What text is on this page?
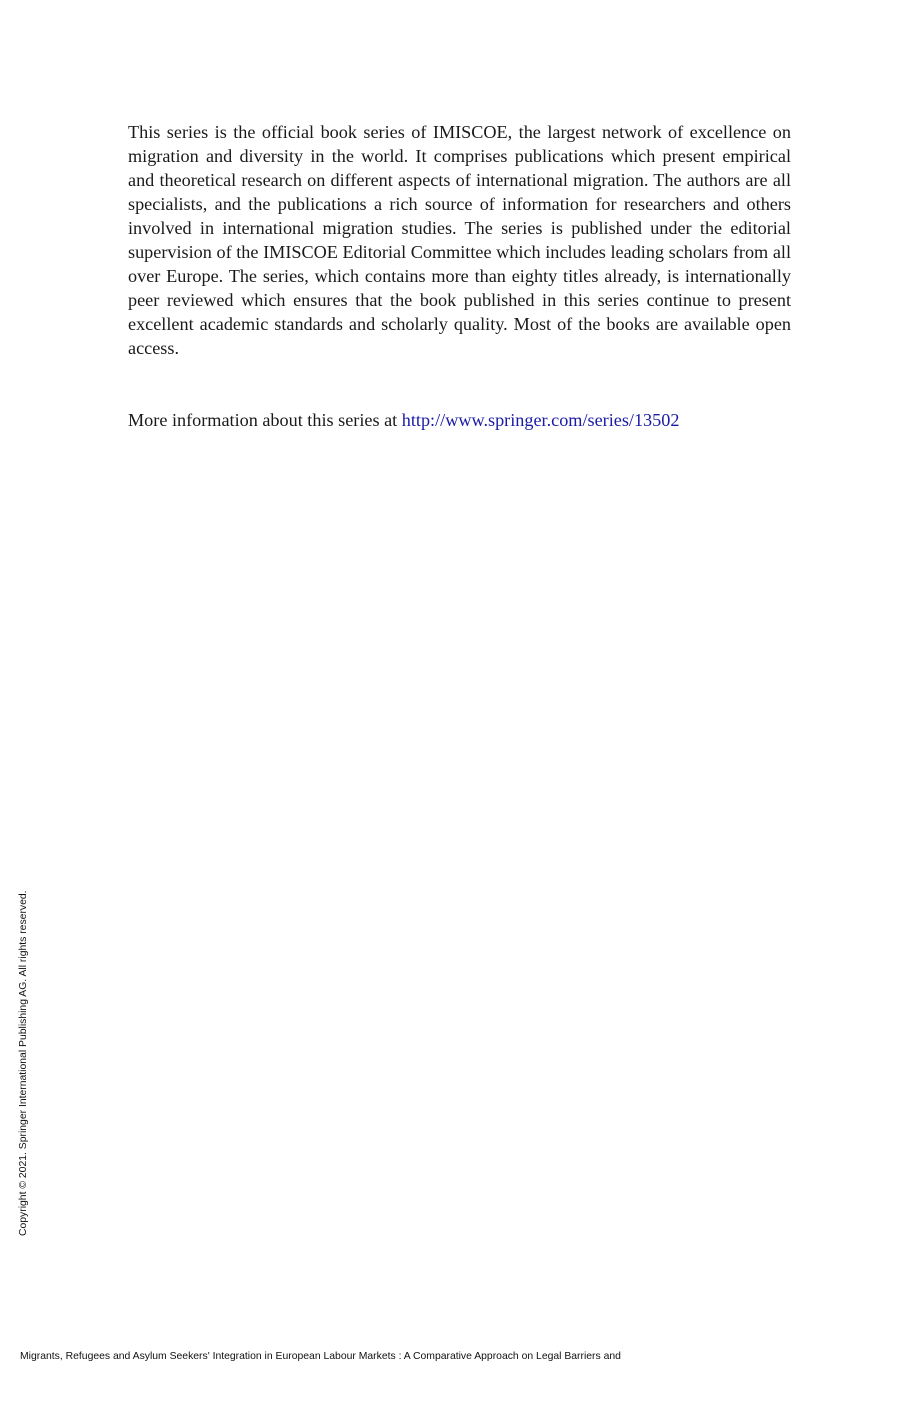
This series is the official book series of IMISCOE, the largest network of excellence on migration and diversity in the world. It comprises publications which present empirical and theoretical research on different aspects of international migration. The authors are all specialists, and the publications a rich source of information for researchers and others involved in international migration studies. The series is published under the editorial supervision of the IMISCOE Editorial Committee which includes leading scholars from all over Europe. The series, which contains more than eighty titles already, is internationally peer reviewed which ensures that the book published in this series continue to present excellent academic standards and scholarly quality. Most of the books are available open access.

More information about this series at http://www.springer.com/series/13502

Copyright © 2021. Springer International Publishing AG. All rights reserved.
Migrants, Refugees and Asylum Seekers' Integration in European Labour Markets : A Comparative Approach on Legal Barriers and
